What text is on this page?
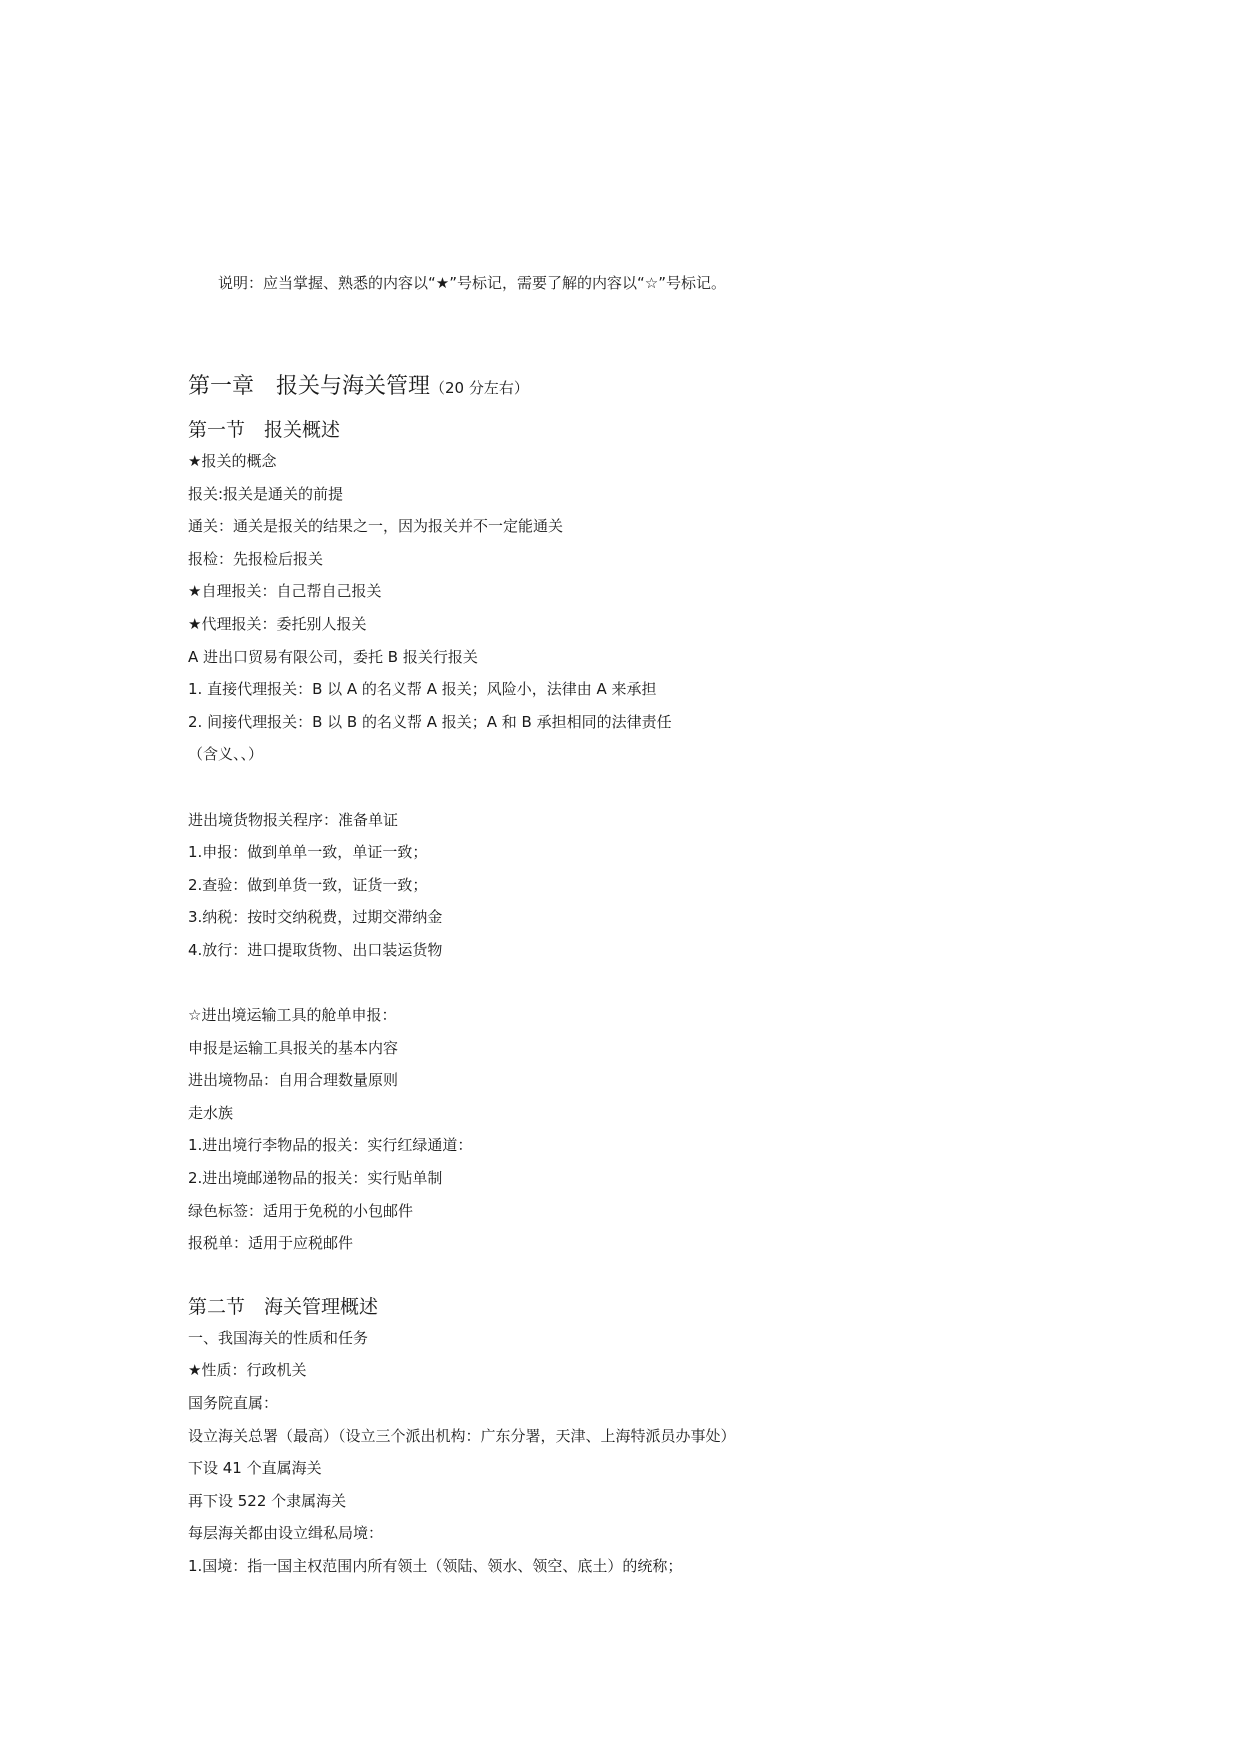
说明：应当掌握、熟悉的内容以“★”号标记，需要了解的内容以“☆”号标记。
第一章　报关与海关管理（20 分左右）
第一节　报关概述
★报关的概念
报关:报关是通关的前提
通关：通关是报关的结果之一，因为报关并不一定能通关
报检：先报检后报关
★自理报关：自己帮自己报关
★代理报关：委托别人报关
A 进出口贸易有限公司，委托 B 报关行报关
1. 直接代理报关：B 以 A 的名义帮 A 报关；风险小，法律由 A 来承担
2. 间接代理报关：B 以 B 的名义帮 A 报关；A 和 B 承担相同的法律责任
（含义、、）
进出境货物报关程序：准备单证
1.申报：做到单单一致，单证一致；
2.查验：做到单货一致，证货一致；
3.纳税：按时交纳税费，过期交滞纳金
4.放行：进口提取货物、出口装运货物
☆进出境运输工具的舱单申报：
申报是运输工具报关的基本内容
进出境物品：自用合理数量原则
走水族
1.进出境行李物品的报关：实行红绿通道：
2.进出境邮递物品的报关：实行贴单制
绿色标签：适用于免税的小包邮件
报税单：适用于应税邮件
第二节　海关管理概述
一、我国海关的性质和任务
★性质：行政机关
国务院直属：
设立海关总署（最高）（设立三个派出机构：广东分署，天津、上海特派员办事处）
下设 41 个直属海关
再下设 522 个隶属海关
每层海关都由设立缉私局境：
1.国境：指一国主权范围内所有领土（领陆、领水、领空、底土）的统称；
